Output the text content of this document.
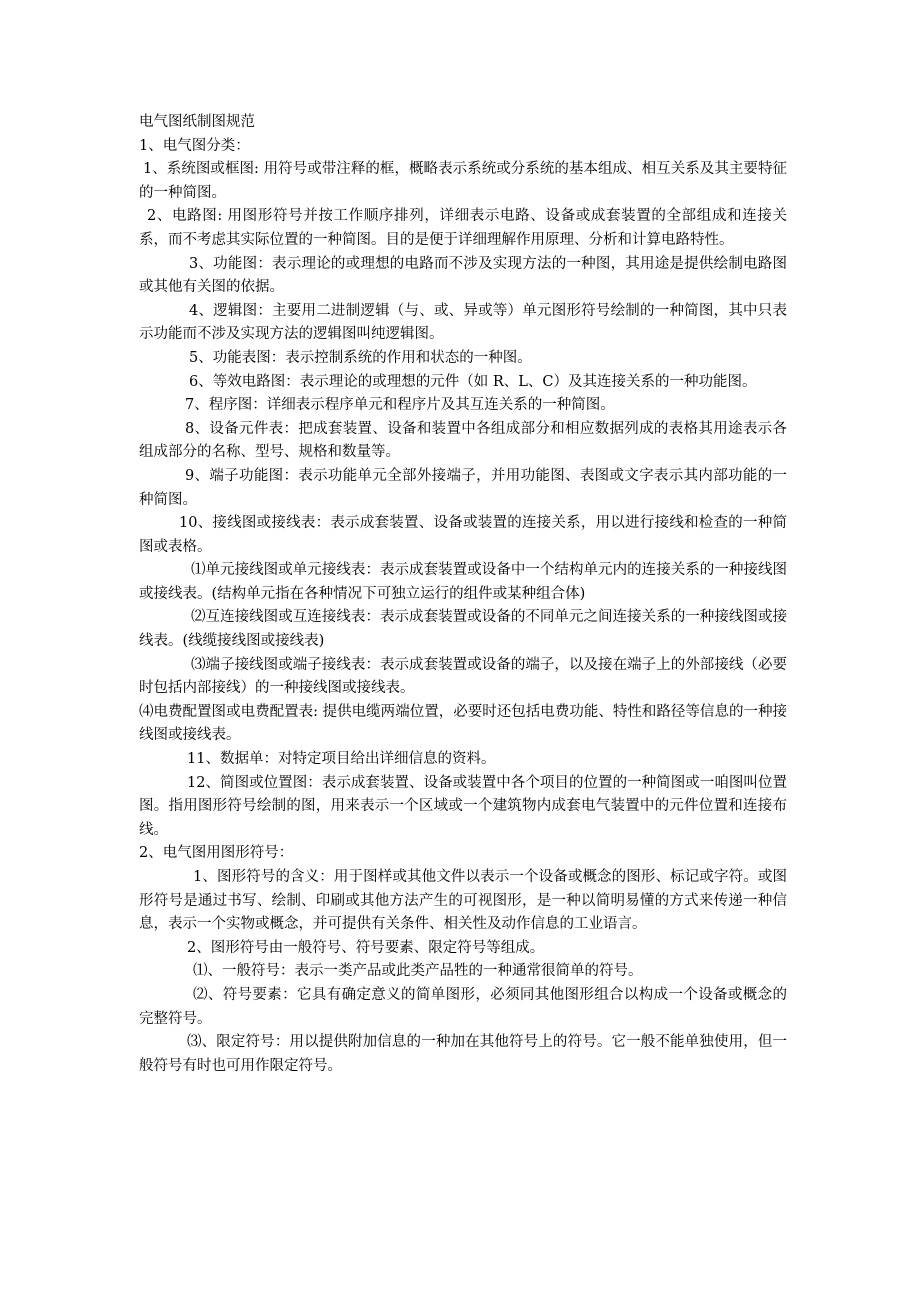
电气图纸制图规范

1、电气图分类：

1、系统图或框图: 用符号或带注释的框，概略表示系统或分系统的基本组成、相互关系及其主要特征的一种简图。

2、电路图: 用图形符号并按工作顺序排列，详细表示电路、设备或成套装置的全部组成和连接关系，而不考虑其实际位置的一种简图。目的是便于详细理解作用原理、分析和计算电路特性。

3、功能图：表示理论的或理想的电路而不涉及实现方法的一种图，其用途是提供绘制电路图或其他有关图的依据。

4、逻辑图：主要用二进制逻辑（与、或、异或等）单元图形符号绘制的一种简图，其中只表示功能而不涉及实现方法的逻辑图叫纯逻辑图。

5、功能表图：表示控制系统的作用和状态的一种图。

6、等效电路图：表示理论的或理想的元件（如 R、L、C）及其连接关系的一种功能图。

7、程序图：详细表示程序单元和程序片及其互连关系的一种简图。

8、设备元件表：把成套装置、设备和装置中各组成部分和相应数据列成的表格其用途表示各组成部分的名称、型号、规格和数量等。

9、端子功能图：表示功能单元全部外接端子，并用功能图、表图或文字表示其内部功能的一种简图。

10、接线图或接线表：表示成套装置、设备或装置的连接关系，用以进行接线和检查的一种简图或表格。

⑴单元接线图或单元接线表：表示成套装置或设备中一个结构单元内的连接关系的一种接线图或接线表。(结构单元指在各种情况下可独立运行的组件或某种组合体)

⑵互连接线图或互连接线表：表示成套装置或设备的不同单元之间连接关系的一种接线图或接线表。(线缆接线图或接线表)

⑶端子接线图或端子接线表：表示成套装置或设备的端子，以及接在端子上的外部接线（必要时包括内部接线）的一种接线图或接线表。

⑷电费配置图或电费配置表: 提供电缆两端位置，必要时还包括电费功能、特性和路径等信息的一种接线图或接线表。

11、数据单：对特定项目给出详细信息的资料。

12、简图或位置图：表示成套装置、设备或装置中各个项目的位置的一种简图或一咱图叫位置图。指用图形符号绘制的图，用来表示一个区域或一个建筑物内成套电气装置中的元件位置和连接布线。

2、电气图用图形符号：

1、图形符号的含义：用于图样或其他文件以表示一个设备或概念的图形、标记或字符。或图形符号是通过书写、绘制、印刷或其他方法产生的可视图形，是一种以简明易懂的方式来传递一种信息，表示一个实物或概念，并可提供有关条件、相关性及动作信息的工业语言。

2、图形符号由一般符号、符号要素、限定符号等组成。

⑴、一般符号：表示一类产品或此类产品牲的一种通常很简单的符号。

⑵、符号要素：它具有确定意义的简单图形，必须同其他图形组合以构成一个设备或概念的完整符号。

⑶、限定符号：用以提供附加信息的一种加在其他符号上的符号。它一般不能单独使用，但一般符号有时也可用作限定符号。
